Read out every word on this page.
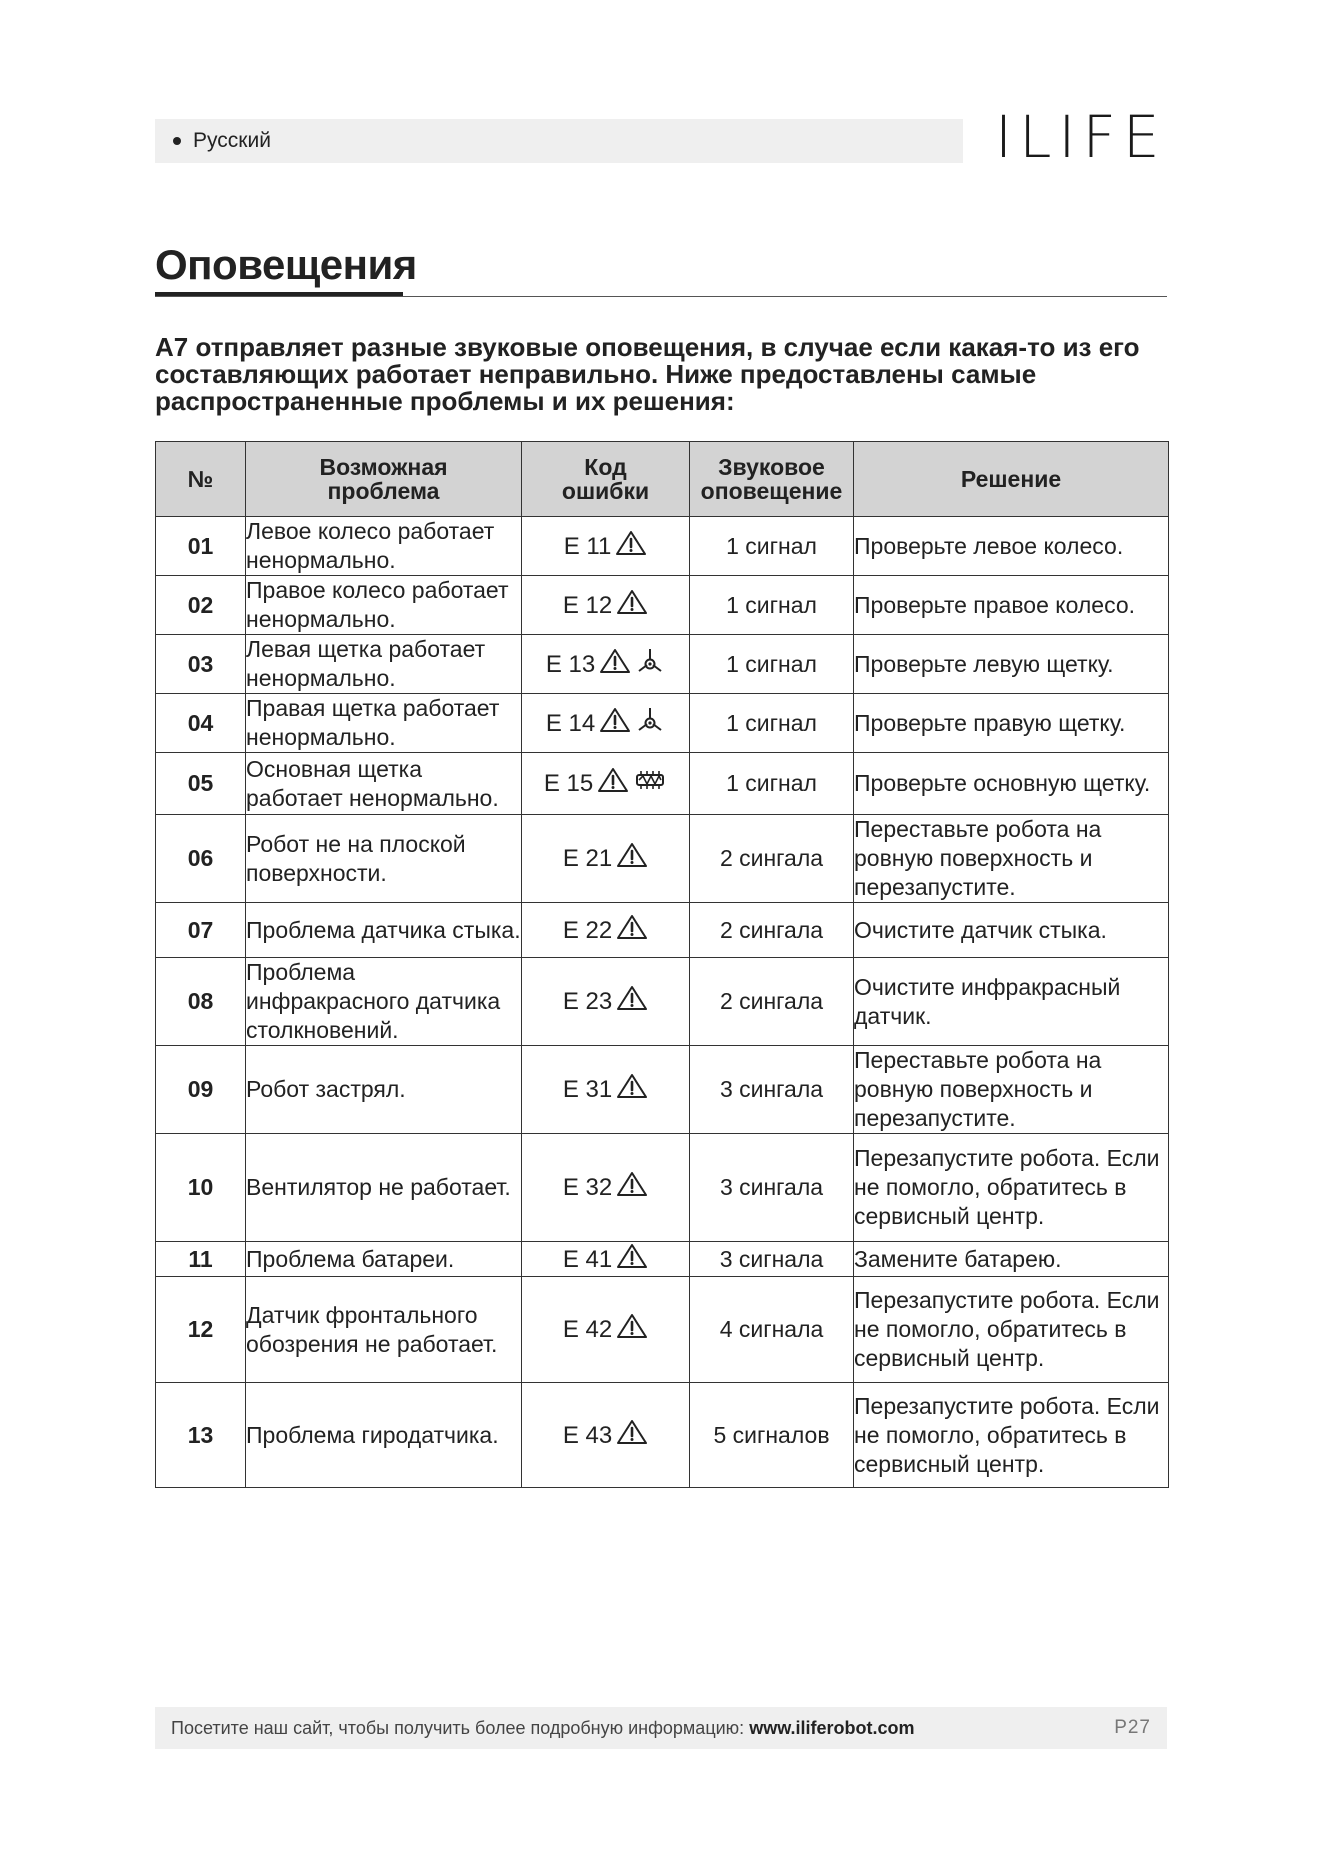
Русский	ILIFE
Оповещения
A7 отправляет разные звуковые оповещения, в случае если какая-то из его составляющих работает неправильно. Ниже предоставлены самые распространенные проблемы и их решения:
№	Возможная проблема	Код ошибки	Звуковое оповещение	Решение
01	Левое колесо работает ненормально.	E 11	1 сигнал	Проверьте левое колесо.
02	Правое колесо работает ненормально.	E 12	1 сигнал	Проверьте правое колесо.
03	Левая щетка работает ненормально.	E 13	1 сигнал	Проверьте левую щетку.
04	Правая щетка работает ненормально.	E 14	1 сигнал	Проверьте правую щетку.
05	Основная щетка работает ненормально.	E 15	1 сигнал	Проверьте основную щетку.
06	Робот не на плоской поверхности.	E 21	2 сингала	Переставьте робота на ровную поверхность и перезапустите.
07	Проблема датчика стыка.	E 22	2 сингала	Очистите датчик стыка.
08	Проблема инфракрасного датчика столкновений.	E 23	2 сингала	Очистите инфракрасный датчик.
09	Робот застрял.	E 31	3 сингала	Переставьте робота на ровную поверхность и перезапустите.
10	Вентилятор не работает.	E 32	3 сингала	Перезапустите робота. Если не помогло, обратитесь в сервисный центр.
11	Проблема батареи.	E 41	3 сигнала	Замените батарею.
12	Датчик фронтального обозрения не работает.	E 42	4 сигнала	Перезапустите робота. Если не помогло, обратитесь в сервисный центр.
13	Проблема гиродатчика.	E 43	5 сигналов	Перезапустите робота. Если не помогло, обратитесь в сервисный центр.
Посетите наш сайт, чтобы получить более подробную информацию: www.iliferobot.com	P27
